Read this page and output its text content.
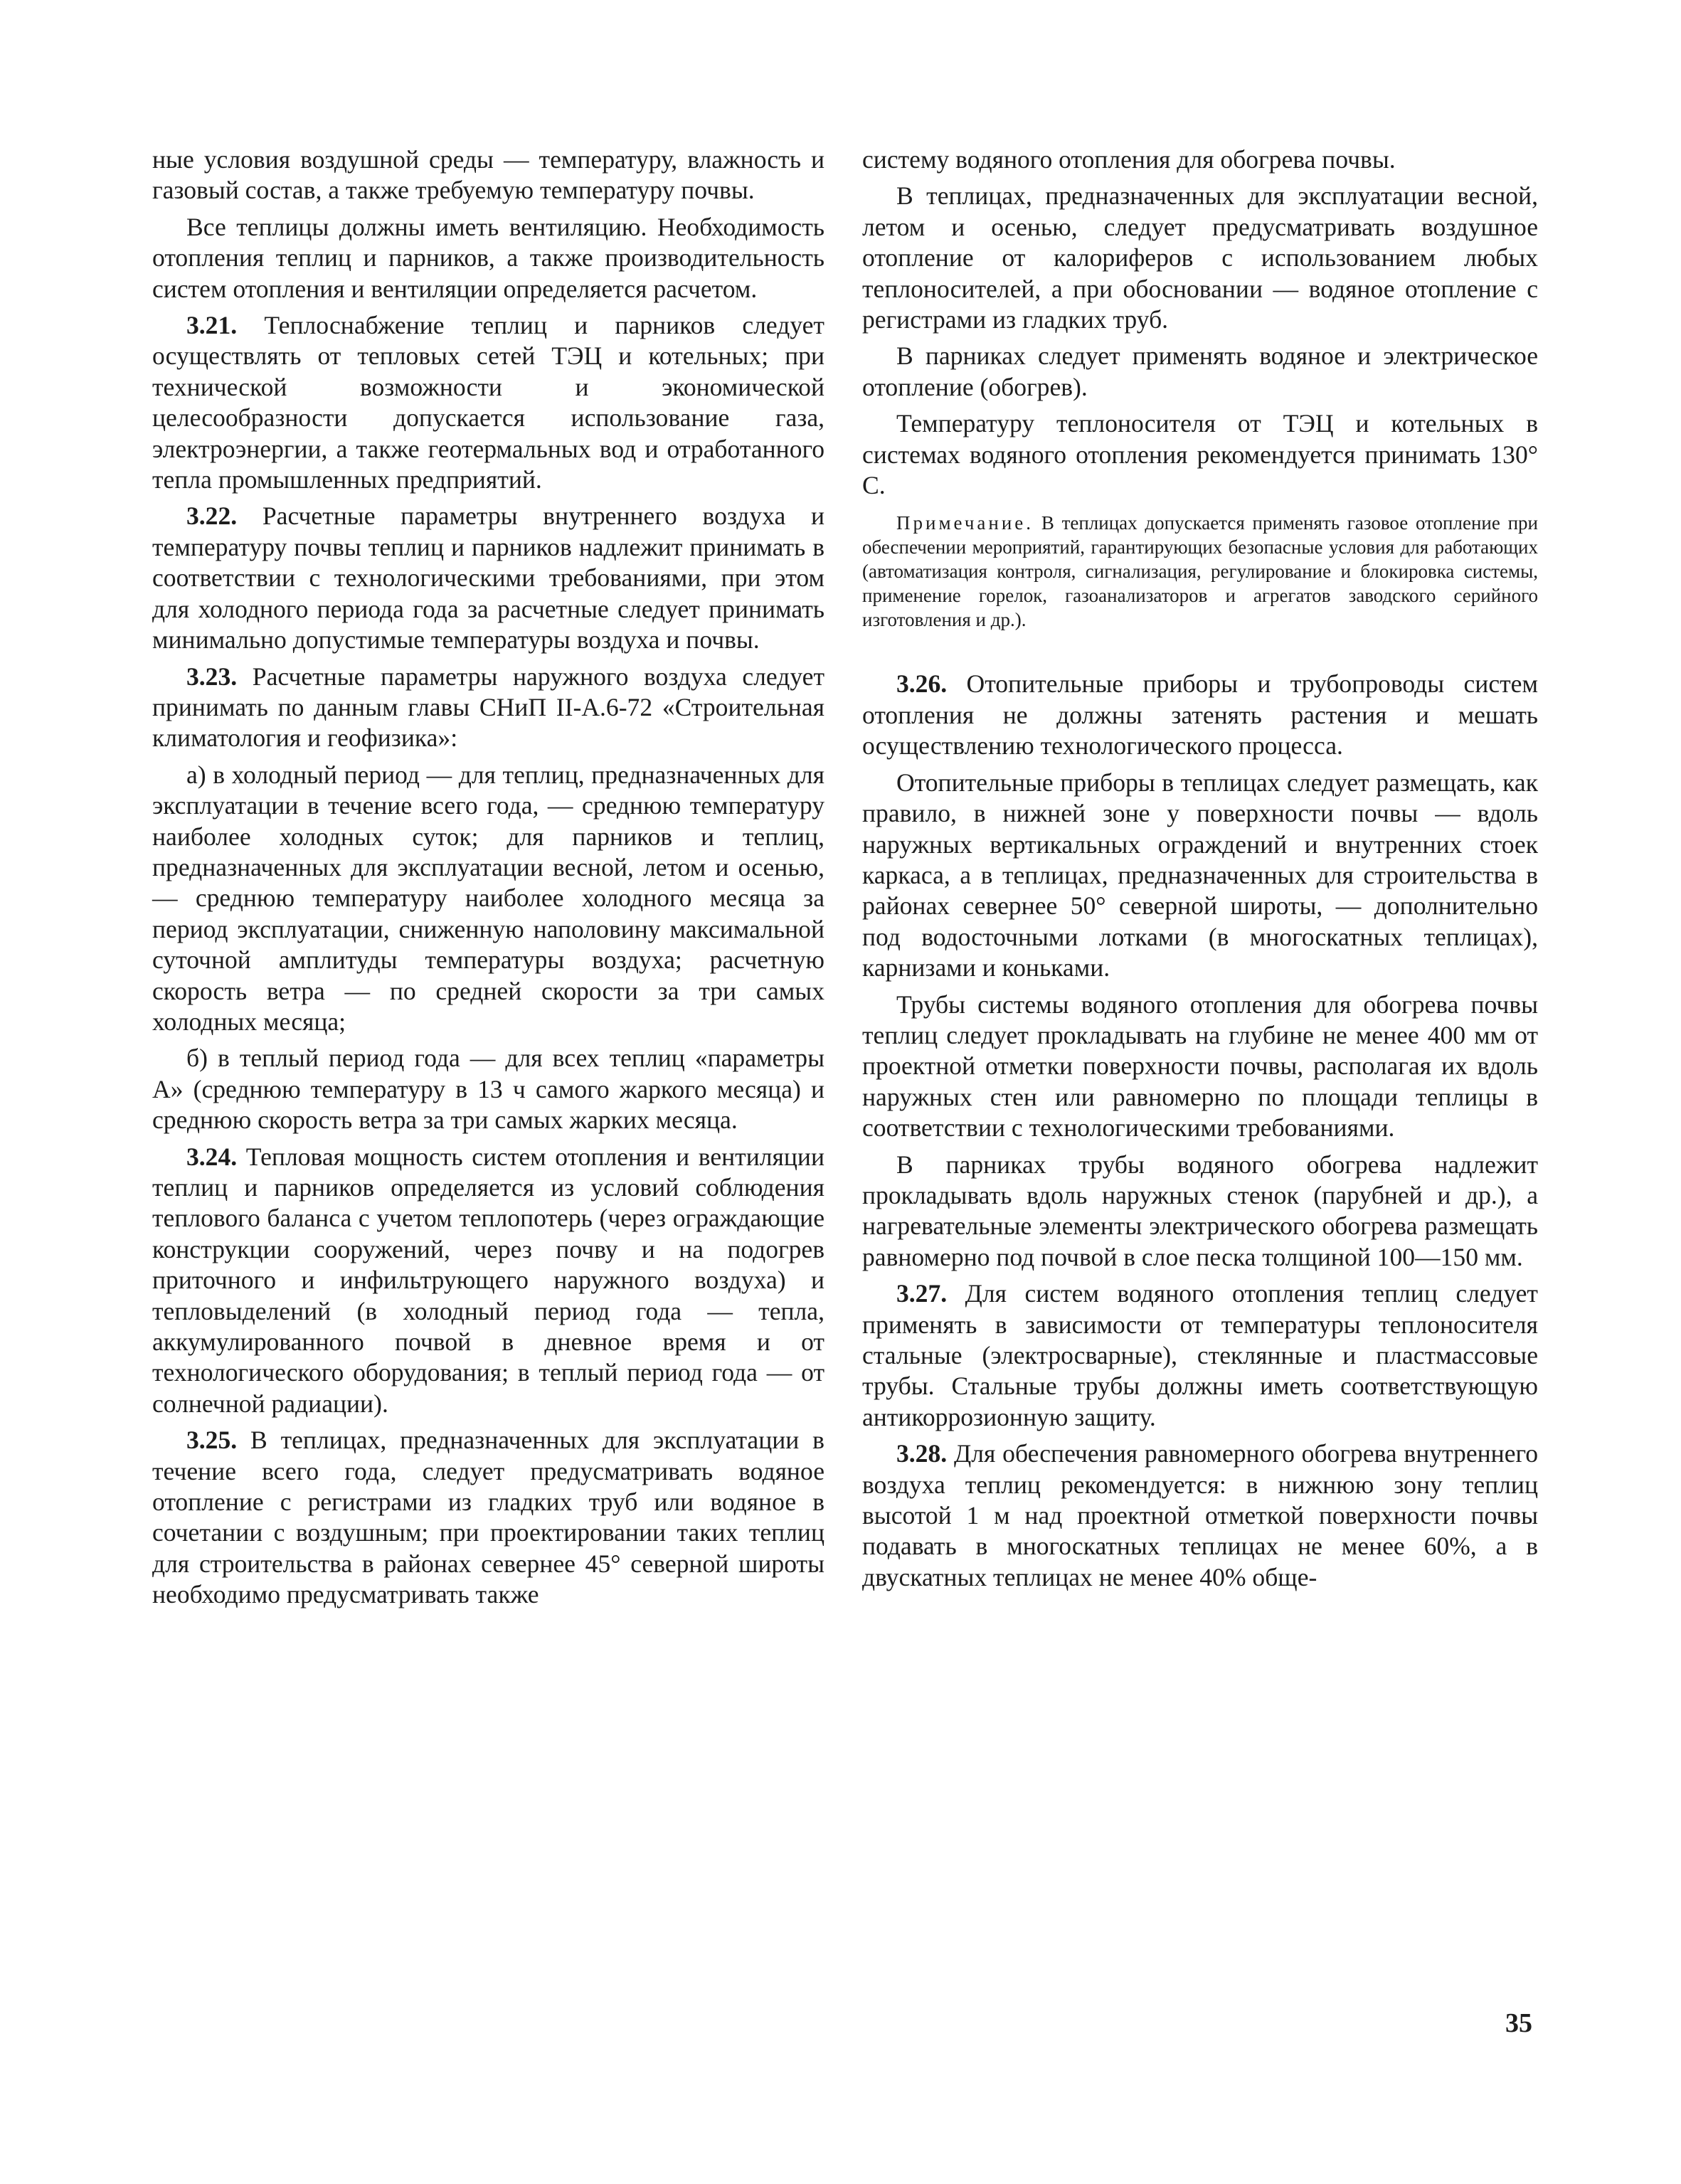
ные условия воздушной среды — температуру, влажность и газовый состав, а также требуемую температуру почвы.

Все теплицы должны иметь вентиляцию. Необходимость отопления теплиц и парников, а также производительность систем отопления и вентиляции определяется расчетом.

3.21. Теплоснабжение теплиц и парников следует осуществлять от тепловых сетей ТЭЦ и котельных; при технической возможности и экономической целесообразности допускается использование газа, электроэнергии, а также геотермальных вод и отработанного тепла промышленных предприятий.

3.22. Расчетные параметры внутреннего воздуха и температуру почвы теплиц и парников надлежит принимать в соответствии с технологическими требованиями, при этом для холодного периода года за расчетные следует принимать минимально допустимые температуры воздуха и почвы.

3.23. Расчетные параметры наружного воздуха следует принимать по данным главы СНиП II-А.6-72 «Строительная климатология и геофизика»:

а) в холодный период — для теплиц, предназначенных для эксплуатации в течение всего года, — среднюю температуру наиболее холодных суток; для парников и теплиц, предназначенных для эксплуатации весной, летом и осенью, — среднюю температуру наиболее холодного месяца за период эксплуатации, сниженную наполовину максимальной суточной амплитуды температуры воздуха; расчетную скорость ветра — по средней скорости за три самых холодных месяца;

б) в теплый период года — для всех теплиц «параметры А» (среднюю температуру в 13 ч самого жаркого месяца) и среднюю скорость ветра за три самых жарких месяца.

3.24. Тепловая мощность систем отопления и вентиляции теплиц и парников определяется из условий соблюдения теплового баланса с учетом теплопотерь (через ограждающие конструкции сооружений, через почву и на подогрев приточного и инфильтрующего наружного воздуха) и тепловыделений (в холодный период года — тепла, аккумулированного почвой в дневное время и от технологического оборудования; в теплый период года — от солнечной радиации).

3.25. В теплицах, предназначенных для эксплуатации в течение всего года, следует предусматривать водяное отопление с регистрами из гладких труб или водяное в сочетании с воздушным; при проектировании таких теплиц для строительства в районах севернее 45° северной широты необходимо предусматривать также

систему водяного отопления для обогрева почвы.

В теплицах, предназначенных для эксплуатации весной, летом и осенью, следует предусматривать воздушное отопление от калориферов с использованием любых теплоносителей, а при обосновании — водяное отопление с регистрами из гладких труб.

В парниках следует применять водяное и электрическое отопление (обогрев).

Температуру теплоносителя от ТЭЦ и котельных в системах водяного отопления рекомендуется принимать 130° С.

Примечание. В теплицах допускается применять газовое отопление при обеспечении мероприятий, гарантирующих безопасные условия для работающих (автоматизация контроля, сигнализация, регулирование и блокировка системы, применение горелок, газоанализаторов и агрегатов заводского серийного изготовления и др.).

3.26. Отопительные приборы и трубопроводы систем отопления не должны затенять растения и мешать осуществлению технологического процесса.

Отопительные приборы в теплицах следует размещать, как правило, в нижней зоне у поверхности почвы — вдоль наружных вертикальных ограждений и внутренних стоек каркаса, а в теплицах, предназначенных для строительства в районах севернее 50° северной широты, — дополнительно под водосточными лотками (в многоскатных теплицах), карнизами и коньками.

Трубы системы водяного отопления для обогрева почвы теплиц следует прокладывать на глубине не менее 400 мм от проектной отметки поверхности почвы, располагая их вдоль наружных стен или равномерно по площади теплицы в соответствии с технологическими требованиями.

В парниках трубы водяного обогрева надлежит прокладывать вдоль наружных стенок (парубней и др.), а нагревательные элементы электрического обогрева размещать равномерно под почвой в слое песка толщиной 100—150 мм.

3.27. Для систем водяного отопления теплиц следует применять в зависимости от температуры теплоносителя стальные (электросварные), стеклянные и пластмассовые трубы. Стальные трубы должны иметь соответствующую антикоррозионную защиту.

3.28. Для обеспечения равномерного обогрева внутреннего воздуха теплиц рекомендуется: в нижнюю зону теплиц высотой 1 м над проектной отметкой поверхности почвы подавать в многоскатных теплицах не менее 60%, а в двускатных теплицах не менее 40% обще-

35
